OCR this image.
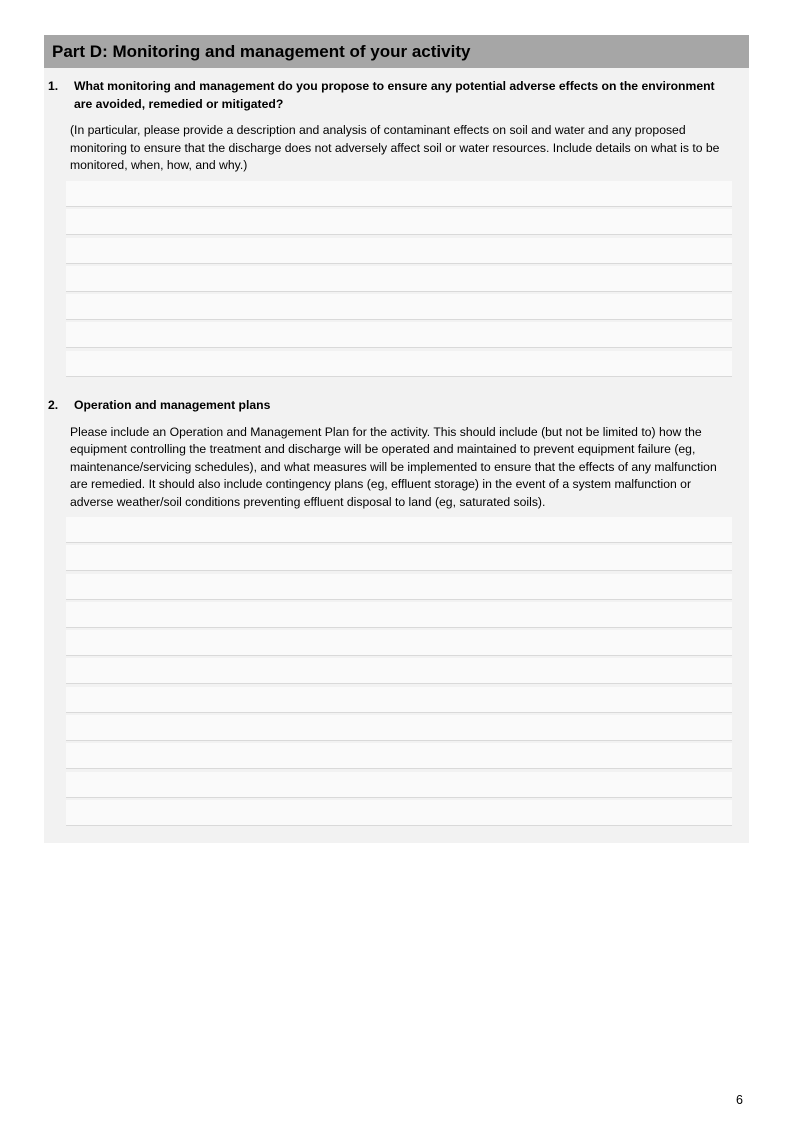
Part D: Monitoring and management of your activity
1.	What monitoring and management do you propose to ensure any potential adverse effects on the environment are avoided, remedied or mitigated?
(In particular, please provide a description and analysis of contaminant effects on soil and water and any proposed monitoring to ensure that the discharge does not adversely affect soil or water resources. Include details on what is to be monitored, when, how, and why.)
2.	Operation and management plans
Please include an Operation and Management Plan for the activity. This should include (but not be limited to) how the equipment controlling the treatment and discharge will be operated and maintained to prevent equipment failure (eg, maintenance/servicing schedules), and what measures will be implemented to ensure that the effects of any malfunction are remedied. It should also include contingency plans (eg, effluent storage) in the event of a system malfunction or adverse weather/soil conditions preventing effluent disposal to land (eg, saturated soils).
6
